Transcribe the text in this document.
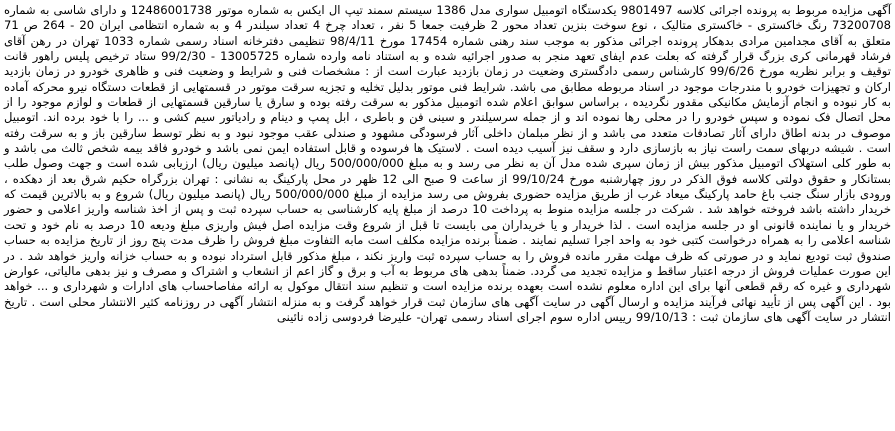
آگهی مزایده مربوط به پرونده اجرائی کلاسه 9801497 یکدستگاه اتومبیل سواری مدل 1386 سیستم سمند تیپ ال ایکس به شماره موتور 12486001738 و دارای شاسی به شماره 73200708 رنگ خاکستری - خاکستری متالیک ، نوع سوخت بنزین تعداد محور 2 ظرفیت جمعا 5 نفر ، تعداد چرخ 4 تعداد سیلندر 4 و به شماره انتظامی ایران 20 - 264 ص 71 متعلق به آقای مجدامین مرادی بدهکار پرونده اجرائی مذکور به موجب سند رهنی شماره 17454 مورخ 98/4/11 تنظیمی دفترخانه اسناد رسمی شماره 1033 تهران در رهن آقای فرشاد قهرمانی کری بزرگ قرار گرفته که بعلت عدم ایفای تعهد منجر به صدور اجرائیه شده و به استناد نامه وارده شماره 13005725 - 99/2/30 ستاد ترخیص پلیس راهور قانت توقیف و برابر نظریه مورخ 99/6/26 کارشناس رسمی دادگستری وضعیت در زمان بازدید عبارت است از : مشخصات فنی و شرایط و وضعیت فنی و ظاهری خودرو در زمان بازدید ارکان و تجهیزات خودرو با مندرجات موجود در اسناد مربوطه مطابق می باشد. شرایط فنی موتور بدلیل تخلیه و تجزیه سرقت موتور در قسمتهایی از قطعات دستگاه نیرو محرکه آماده به کار نبوده و انجام آزمایش مکانیکی مقدور نگردیده ، براساس سوابق اعلام شده اتومبیل مذکور به سرقت رفته بوده و سارق یا سارقین قسمتهایی از قطعات و لوازم موجود را از محل اتصال فک نموده و سپس خودرو را در محلی رها نموده اند و از جمله سرسیلندر و سینی فن و باطری ، ابل پمپ و دینام و رادیاتور سیم کشی و ... را با خود برده اند. اتومبیل موصوف در بدنه اطاق دارای آثار تصادفات متعدد می باشد و از نظر مبلمان داخلی آثار فرسودگی مشهود و صندلی عقب موجود نبود و به نظر توسط سارقین باز و به سرقت رفته است . شیشه دربهای سمت راست نیاز به بازسازی دارد و سقف نیز آسیب دیده است . لاستیک ها فرسوده و قابل استفاده ایمن نمی باشد و خودرو فاقد بیمه شخص ثالث می باشد و به طور کلی استهلاک اتومبیل مذکور بیش از زمان سپری شده مدل آن به نظر می رسد و به مبلغ 500/000/000 ریال (پانصد میلیون ریال) ارزیابی شده است و جهت وصول طلب بستانکار و حقوق دولتی کلاسه فوق الذکر در روز چهارشنبه مورخ 99/10/24 از ساعت 9 صبح الی 12 ظهر در محل پارکینگ به نشانی : تهران بزرگراه حکیم شرق بعد از دهکده ، ورودی بازار سنگ جنب باغ حامد پارکینگ میعاد غرب از طریق مزایده حضوری بفروش می رسد مزایده از مبلغ 500/000/000 ریال (پانصد میلیون ریال) شروع و به بالاترین قیمت که خریدار داشته باشد فروخته خواهد شد . شرکت در جلسه مزایده منوط به پرداخت 10 درصد از مبلغ پایه کارشناسی به حساب سپرده ثبت و پس از اخذ شناسه واریز اعلامی و حضور خریدار و یا نماینده قانونی او در جلسه مزایده است . لذا خریدار و یا خریداران می بایست تا قبل از شروع وقت مزایده اصل فیش واریزی مبلغ ودیعه 10 درصد به نام خود و تحت شناسه اعلامی را به همراه درخواست کتبی خود به واحد اجرا تسلیم نمایند . ضمناً برنده مزایده مکلف است مابه التفاوت مبلغ فروش را ظرف مدت پنج روز از تاریخ مزایده به حساب صندوق ثبت تودیع نماید و در صورتی که ظرف مهلت مقرر مانده فروش را به حساب سپرده ثبت واریز نکند ، مبلغ مذکور قابل استرداد نبوده و به حساب خزانه واریز خواهد شد . در این صورت عملیات فروش از درجه اعتبار ساقط و مزایده تجدید می گردد. ضمناً بدهی های مربوط به آب و برق و گاز اعم از انشعاب و اشتراک و مصرف و نیز بدهی مالیاتی، عوارض شهرداری و غیره که رقم قطعی آنها برای این اداره معلوم نشده است بعهده برنده مزایده است و تنظیم سند انتقال موکول به ارائه مفاصاحساب های ادارات و شهرداری و ... خواهد بود . این آگهی پس از تأیید نهائی فرآیند مزایده و ارسال آگهی در سایت آگهی های سازمان ثبت قرار خواهد گرفت و به منزله انتشار آگهی در روزنامه کثیر الانتشار محلی است . تاریخ انتشار در سایت آگهی های سازمان ثبت : 99/10/13 رییس اداره سوم اجرای اسناد رسمی تهران- علیرضا فردوسی زاده نائینی
